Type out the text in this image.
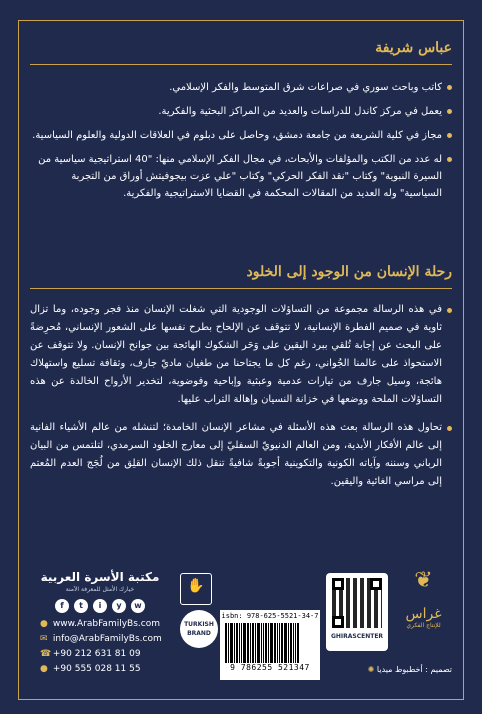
عباس شريفة
كاتب وباحث سوري في صراعات شرق المتوسط والفكر الإسلامي.
يعمل في مركز كاندل للدراسات والعديد من المراكز البحثية والفكرية.
مجاز في كلية الشريعة من جامعة دمشق، وحاصل على دبلوم في العلاقات الدولية والعلوم السياسية.
له عدد من الكتب والمؤلفات والأبحاث، في مجال الفكر الإسلامي منها: "40 استراتيجية سياسية من السيرة النبوية" وكتاب "نقد الفكر الحركي" وكتاب "علي عزت بيجوفيتش أوراق من التجربة السياسية" وله العديد من المقالات المحكمة في القضايا الاستراتيجية والفكرية.
رحلة الإنسان من الوجود إلى الخلود

في هذه الرسالة مجموعة من التساؤلات الوجودية التي شغلت الإنسان منذ فجر وجوده، وما تزال ثاوية في صميم الفطرة الإنسانية، لا تتوقف عن الإلحاح بطرح نفسها على الشعور الإنساني، مُحرِضةً على البحث عن إجابة تُلقي ببرد اليقين على وَحَر الشكوك الهائجة بين جوانح الإنسان. ولا تتوقف عن الاستحواذ على عالمنا الجُواني، رغم كل ما يجتاحنا من طغيان ماديّ جارف، وثقافة تسليع واستهلاك هائجة، وسيل جارف من تيارات عدمية وعبثية وإباحية وفوضوية، لتخدير الأرواح الخالدة عن هذه التساؤلات الملحة ووضعها في خزانة النسيان وإهالة التراب عليها.

تحاول هذه الرسالة بعث هذه الأسئلة في مشاعر الإنسان الخامدة؛ لتنشله من عالم الأشياء الفانية إلى عالم الأفكار الأبدية، ومن العالم الدنيويّ السفليّ إلى معارج الخلود السرمدي، لتلتمس من البيان الرباني وسننه وآياته الكونية والتكوينية أجوبةً شافيةً تنقل ذلك الإنسان القلِق من لُجَج العدم المُعتم إلى مراسي الغائية واليقين.

مكتبة الأسرة العربية
خيارك الأمثل للمعرفة الآمنة
f	t	i	y	w
● www.ArabFamilyBs.com
✉ info@ArabFamilyBs.com
☎ +90 212 631 81 09
● +90 555 028 11 55
✋
TURKISH BRAND
isbn: 978-625-5521-34-7
9 786255 521347
GHIRASCENTER
❦
غراس
للإنتاج الفكري
تصميم : أخطبوط ميديا ✺
